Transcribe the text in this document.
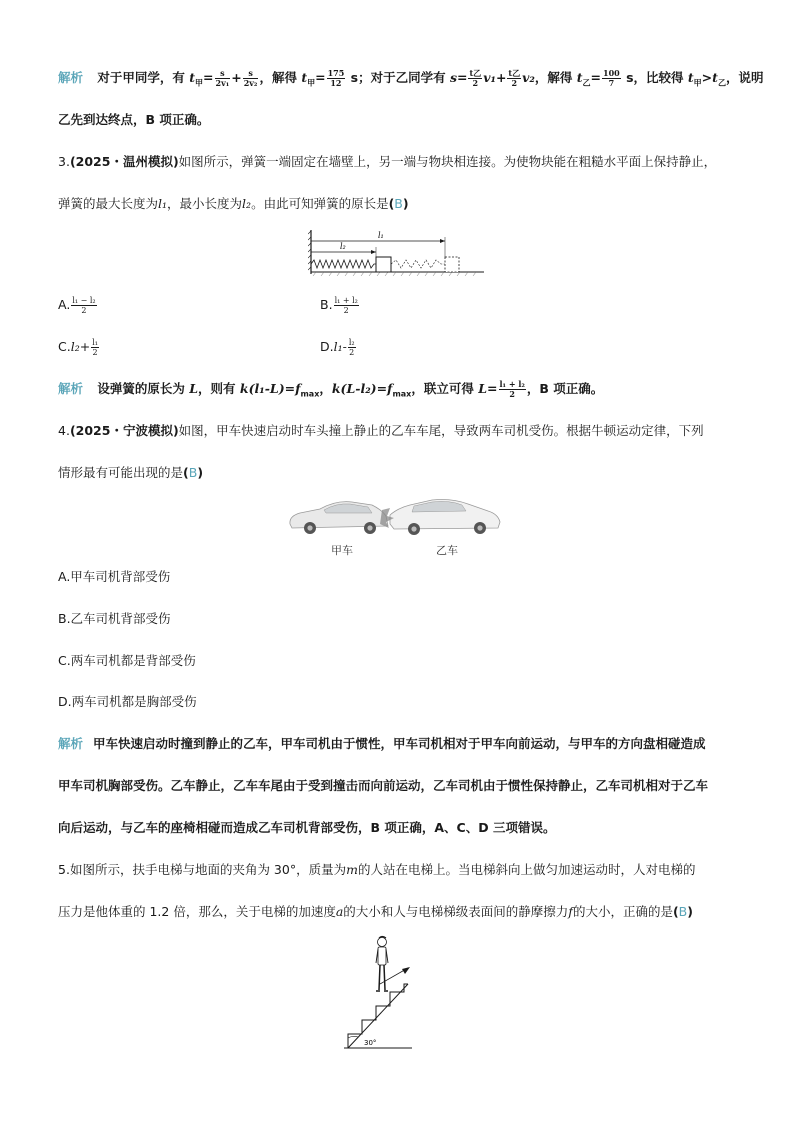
解析 对于甲同学，有 $t_甲= \frac{s}{\text{2v₁}} + \frac{s}{\text{2v₂}}$ ，解得 $t_甲= \frac{175}{12}$ s；对于乙同学有 $s= \frac{\text{t乙}}{2} v_1+ \frac{\text{t乙}}{2} v_2$，解得 $t_乙= \frac{100}{7}$ s，比较得 $t_甲>t_乙$，说明
乙先到达终点，B 项正确。
3.(2025・温州模拟)如图所示，弹簧一端固定在墙壁上，另一端与物块相连接。为使物块能在粗糙水平面上保持静止，
弹簧的最大长度为l₁，最小长度为l₂。由此可知弹簧的原长是(B)
l₁
l₂
A. $\frac{\text{l₁ − l₂}}{2}$	B. $\frac{\text{l₁ + l₂}}{2}$
$C.l_2+ \frac{\text{l₁}}{2}$	$D.l_1- \frac{\text{l₂}}{2}$
解析 设弹簧的原长为 L，则有 $k(l_1-L)=f_{max}$，$k(L-l_2)=f_{max}$，联立可得 $L= \frac{\text{l₁ + l₂}}{2}$ ，B 项正确。
4.(2025・宁波模拟)如图，甲车快速启动时车头撞上静止的乙车车尾，导致两车司机受伤。根据牛顿运动定律，下列
情形最有可能出现的是(B)
甲车	乙车
A.甲车司机背部受伤
B.乙车司机背部受伤
C.两车司机都是背部受伤
D.两车司机都是胸部受伤
解析 甲车快速启动时撞到静止的乙车，甲车司机由于惯性，甲车司机相对于甲车向前运动，与甲车的方向盘相碰造成
甲车司机胸部受伤。乙车静止，乙车车尾由于受到撞击而向前运动，乙车司机由于惯性保持静止，乙车司机相对于乙车
向后运动，与乙车的座椅相碰而造成乙车司机背部受伤，B 项正确，A、C、D 三项错误。
5.如图所示，扶手电梯与地面的夹角为 30°，质量为m的人站在电梯上。当电梯斜向上做匀加速运动时，人对电梯的
压力是他体重的 1.2 倍，那么，关于电梯的加速度a的大小和人与电梯梯级表面间的静摩擦力f的大小，正确的是(B)
30°
